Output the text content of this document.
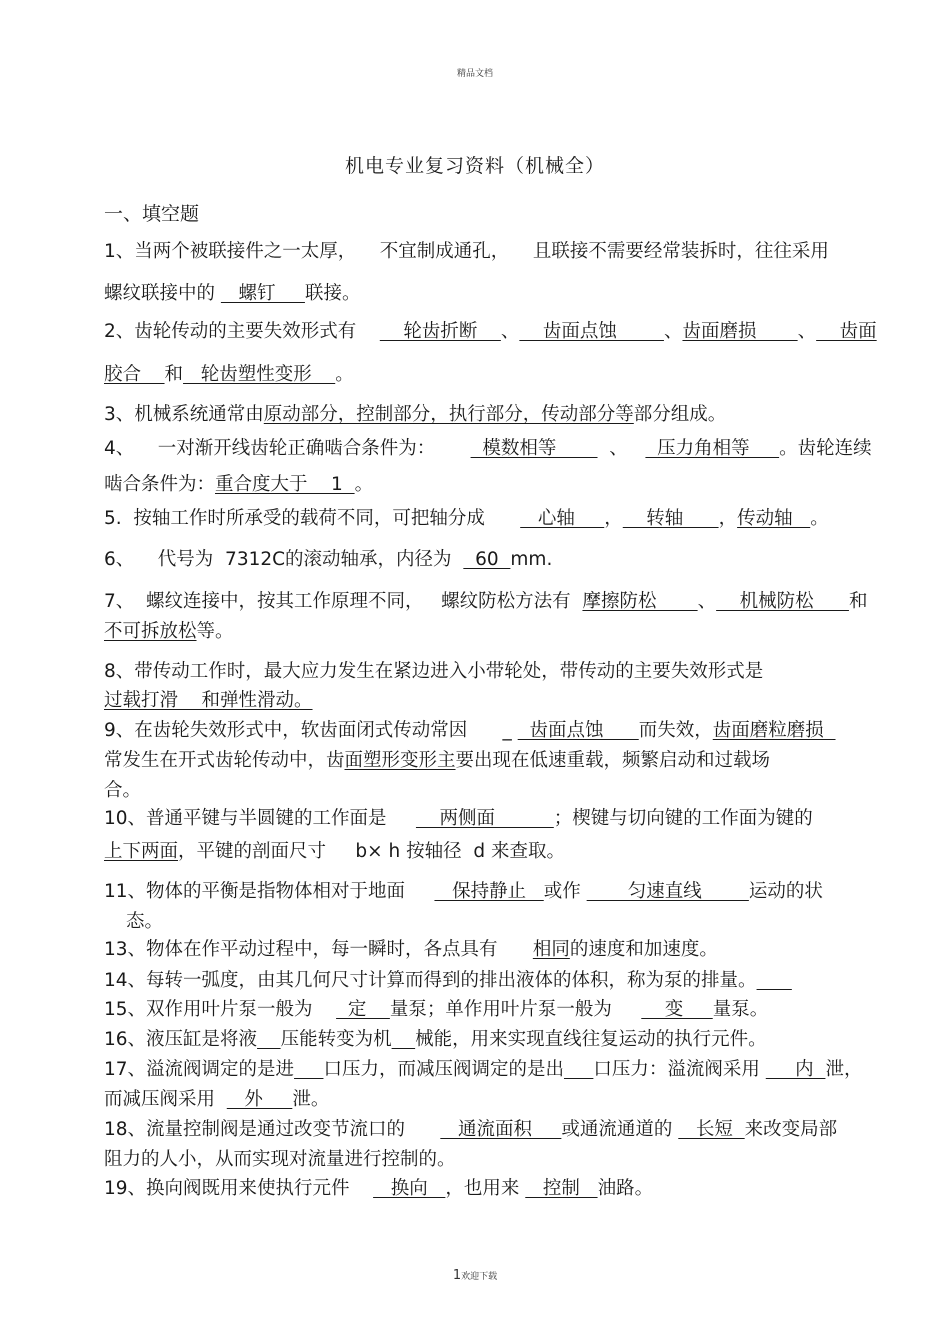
精品文档
机电专业复习资料（机械全）
一、填空题
1、当两个被联接件之一太厚，    不宜制成通孔，    且联接不需要经常装拆时，往往采用
螺纹联接中的    螺钉     联接。
2、齿轮传动的主要失效形式有        轮齿折断    、    齿面点蚀        、齿面磨损       、    齿面
胶合    和   轮齿塑性变形    。
3、机械系统通常由原动部分，控制部分，执行部分，传动部分等部分组成。
4、    一对渐开线齿轮正确啮合条件为：        模数相等         、     压力角相等     。齿轮连续
啮合条件为：重合度大于    1  。
5.  按轴工作时所承受的载荷不同，可把轴分成         心轴     ，    转轴      ，传动轴   。
6、    代号为  7312C的滚动轴承，内径为    60  mm.
7、  螺纹连接中，按其工作原理不同，   螺纹防松方法有  摩擦防松       、    机械防松      和
不可拆放松等。
8、带传动工作时，最大应力发生在紧边进入小带轮处，带传动的主要失效形式是
过载打滑    和弹性滑动。
9、在齿轮失效形式中，软齿面闭式传动常因      _   齿面点蚀      而失效，齿面磨粒磨损
常发生在开式齿轮传动中，齿面塑形变形主要出现在低速重载，频繁启动和过载场
合。
10、普通平键与半圆键的工作面是         两侧面          ；楔键与切向键的工作面为键的
上下两面，平键的剖面尺寸     b× h 按轴径  d 来查取。
11、物体的平衡是指物体相对于地面        保持静止   或作        匀速直线        运动的状
态。
13、物体在作平动过程中，每一瞬时，各点具有      相同的速度和加速度。
14、每转一弧度，由其几何尺寸计算而得到的排出液体的体积，称为泵的排量。
15、双作用叶片泵一般为      定    量泵；单作用叶片泵一般为         变     量泵。
16、液压缸是将液 压能转变为机 械能，用来实现直线往复运动的执行元件。
17、溢流阀调定的是进 口压力，而减压阀调定的是出 口压力：溢流阀采用      内  泄，
而减压阀采用     外     泄。
18、流量控制阀是通过改变节流口的         通流面积     或通流通道的    长短  来改变局部
阻力的人小，从而实现对流量进行控制的。
19、换向阀既用来使执行元件       换向   ，也用来    控制   油路。
1欢迎下载
